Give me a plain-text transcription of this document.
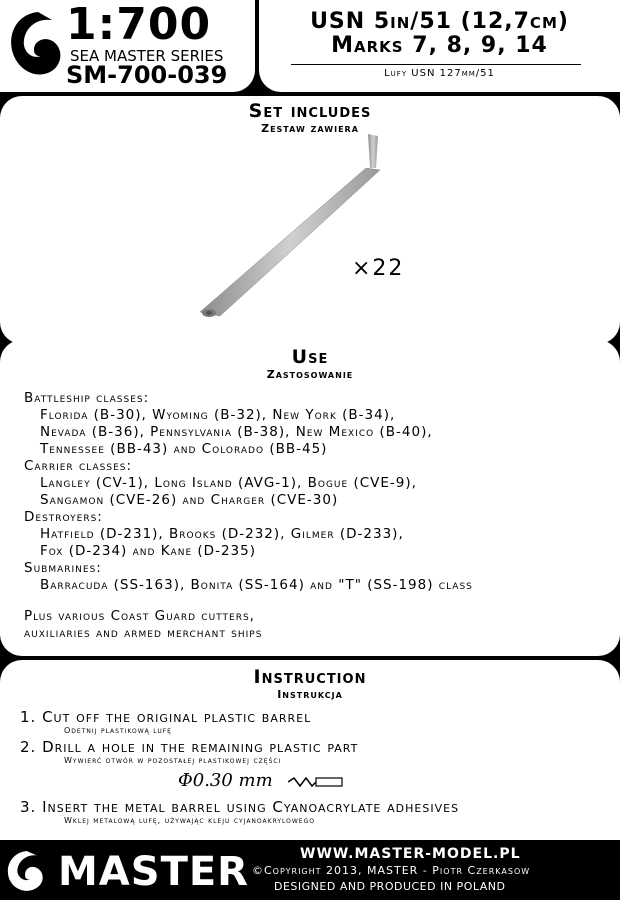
1:700
SEA MASTER SERIES
SM-700-039
USN 5in/51 (12,7cm)
Marks 7, 8, 9, 14
Lufy USN 127mm/51
Set includes
Zestaw zawiera
×22
Use
Zastosowanie
Battleship classes:
Florida (B-30), Wyoming (B-32), New York (B-34),
Nevada (B-36), Pennsylvania (B-38), New Mexico (B-40),
Tennessee (BB-43) and Colorado (BB-45)
Carrier classes:
Langley (CV-1), Long Island (AVG-1), Bogue (CVE-9),
Sangamon (CVE-26) and Charger (CVE-30)
Destroyers:
Hatfield (D-231), Brooks (D-232), Gilmer (D-233),
Fox (D-234) and Kane (D-235)
Submarines:
Barracuda (SS-163), Bonita (SS-164) and "T" (SS-198) class
Plus various Coast Guard cutters,
auxiliaries and armed merchant ships
Instruction
Instrukcja
1. Cut off the original plastic barrel
Odetnij plastikową lufę
2. Drill a hole in the remaining plastic part
Wywierć otwór w pozostałej plastikowej części
Φ0.30 mm
3. Insert the metal barrel using Cyanoacrylate adhesives
Wklej metalową lufę, używając kleju cyjanoakrylowego
MASTER	WWW.MASTER-MODEL.PL
©Copyright 2013, MASTER - Piotr Czerkasow
DESIGNED AND PRODUCED IN POLAND
